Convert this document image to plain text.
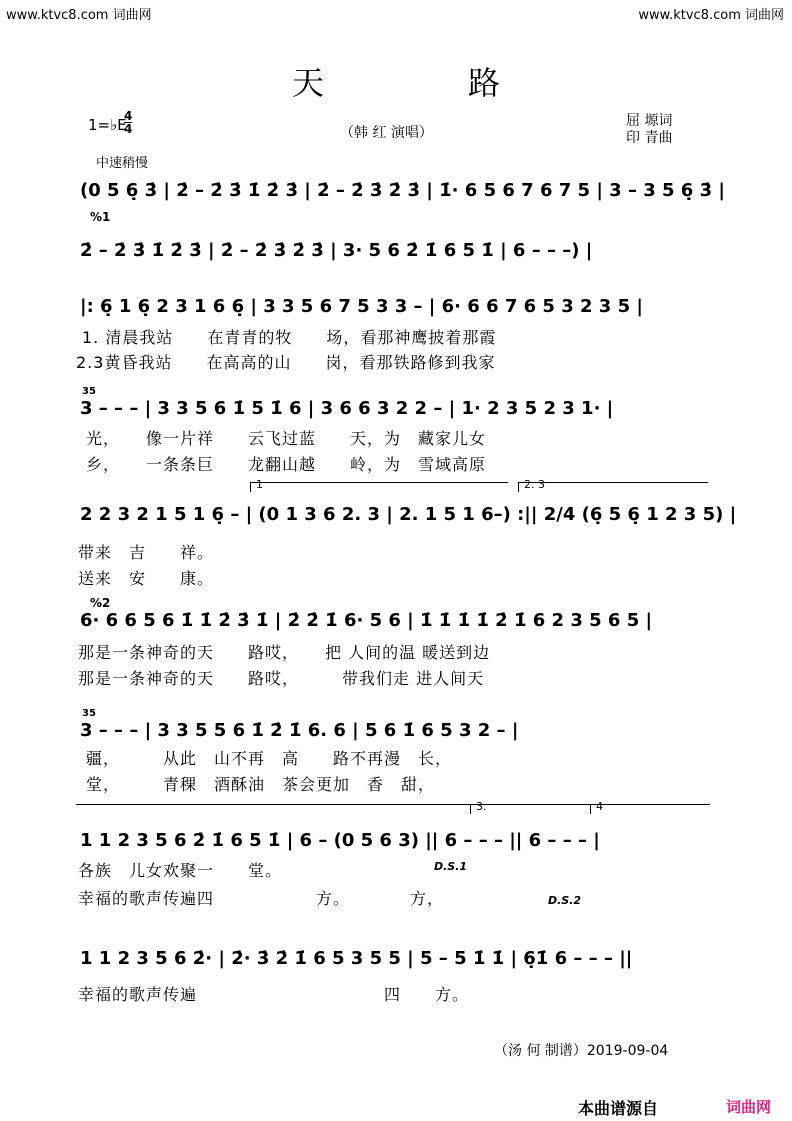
www.ktvc8.com 词曲网	www.ktvc8.com 词曲网
天	路
1=♭E
4
4	（韩 红 演唱）
屈 塬词
印 青曲
中速稍慢
(0 5 6̣ 3̇ | 2̇ – 2̇ 3̇ 1̇ 2̇ 3̇ | 2̇ – 2̇ 3̇ 2̇ 3̇ | 1̇· 6 5 6 7 6 7 5 | 3 – 3 5 6̣ 3̇ |
%1
2̇ – 2̇ 3̇ 1̇ 2̇ 3̇ | 2̇ – 2̇ 3̇ 2̇ 3̇ | 3· 5 6 2̇ 1̇ 6 5 1̇ | 6 – – –) |
|: 6̣ 1 6̣ 2 3 1 6 6̣ | 3 3 5 6 7 5 3 3 – | 6· 6 6 7 6 5 3 2 3 5 |
1. 清晨我站　　在青青的牧　　场，看那神鹰披着那霞
2.3黄昏我站　　在高高的山　　岗，看那铁路修到我家
35
3 – – – | 3 3 5 6 1̇ 5 1̇ 6 | 3 6 6 3 2 2 – | 1· 2 3 5 2 3 1· |
光，　　像一片祥　　云飞过蓝　　天，为　藏家儿女
乡，　　一条条巨　　龙翻山越　　岭，为　雪域高原
1	2. 3
2 2 3 2 1 5 1 6̣ – | (0 1 3 6 2. 3 | 2. 1 5 1 6–) :|| 2/4 (6̣ 5 6̣ 1 2 3 5) |
带来　吉　　祥。
送来　安　　康。
%2
6· 6 6 5 6 1̇ 1̇ 2̇ 3̇ 1̇ | 2̇ 2̇ 1̇ 6· 5 6 | 1̇ 1̇ 1̇ 1̇ 2̇ 1̇ 6 2 3 5 6 5 |
那是一条神奇的天　　路哎，　　把 人间的温 暖送到边
那是一条神奇的天　　路哎，　　　带我们走 进人间天
35
3 – – – | 3 3 5 5 6 1̇ 2̇ 1̇ 6. 6 | 5 6 1̇ 6 5 3 2 – |
疆，　　　从此　山不再　高　　路不再漫　长，
堂，　　　青稞　酒酥油　茶会更加　香　甜，
3.	4
1 1 2 3 5 6 2̇ 1̇ 6 5 1̇ | 6 – (0 5 6 3) || 6 – – – || 6 – – – |
D.S.1
D.S.2
各族　儿女欢聚一　　堂。
幸福的歌声传遍四　　　　　　方。　　　　方，
1 1 2 3 5 6 2̇· | 2̇· 3̇ 2̇ 1̇ 6 5 3 5 5 | 5 – 5 1̇ 1̇ | 6̣1̇ 6 – – – ||
幸福的歌声传遍　　　　　　　　　　　四　　方。
（汤 何 制谱）2019-09-04
本曲谱源自	词曲网
